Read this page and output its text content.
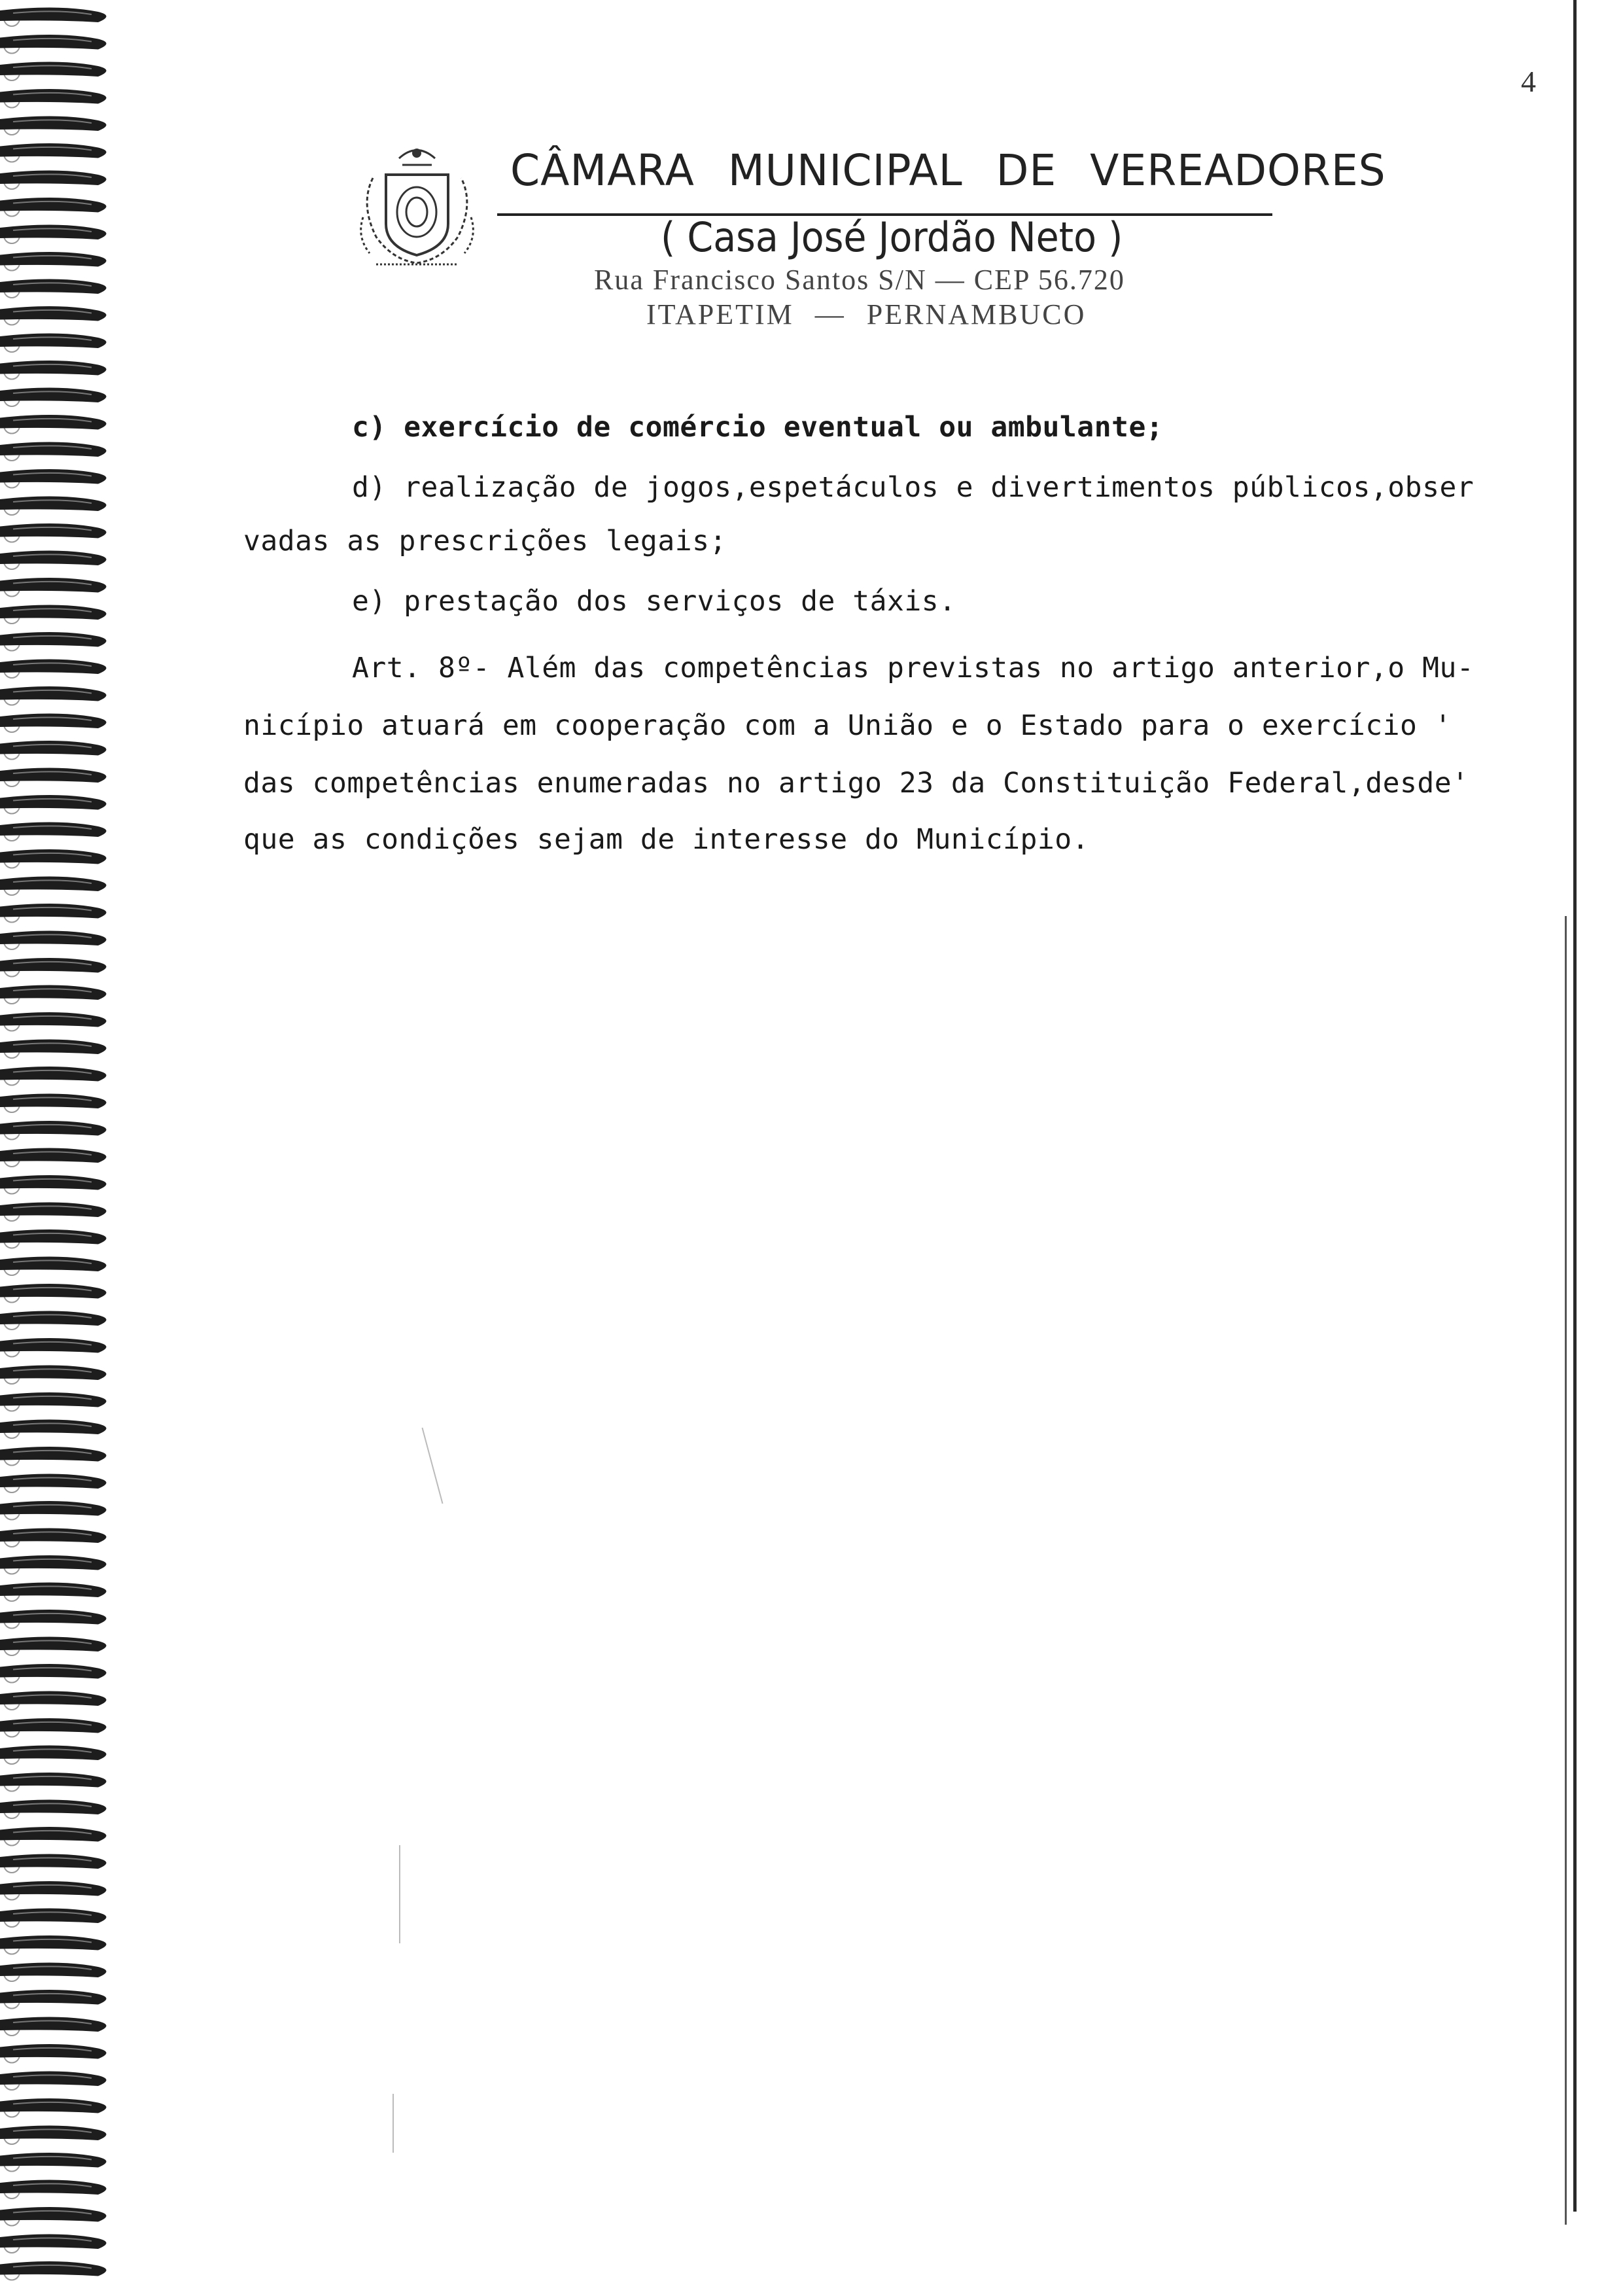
4
CÂMARA MUNICIPAL DE VEREADORES
( Casa José Jordão Neto )
Rua Francisco Santos S/N — CEP 56.720
ITAPETIM — PERNAMBUCO
c) exercício de comércio eventual ou ambulante;
d) realização de jogos,espetáculos e divertimentos públicos,obser
vadas as prescrições legais;
e) prestação dos serviços de táxis.
Art. 8º- Além das competências previstas no artigo anterior,o Mu-
nicípio atuará em cooperação com a União e o Estado para o exercício '
das competências enumeradas no artigo 23 da Constituição Federal,desde'
que as condições sejam de interesse do Município.
